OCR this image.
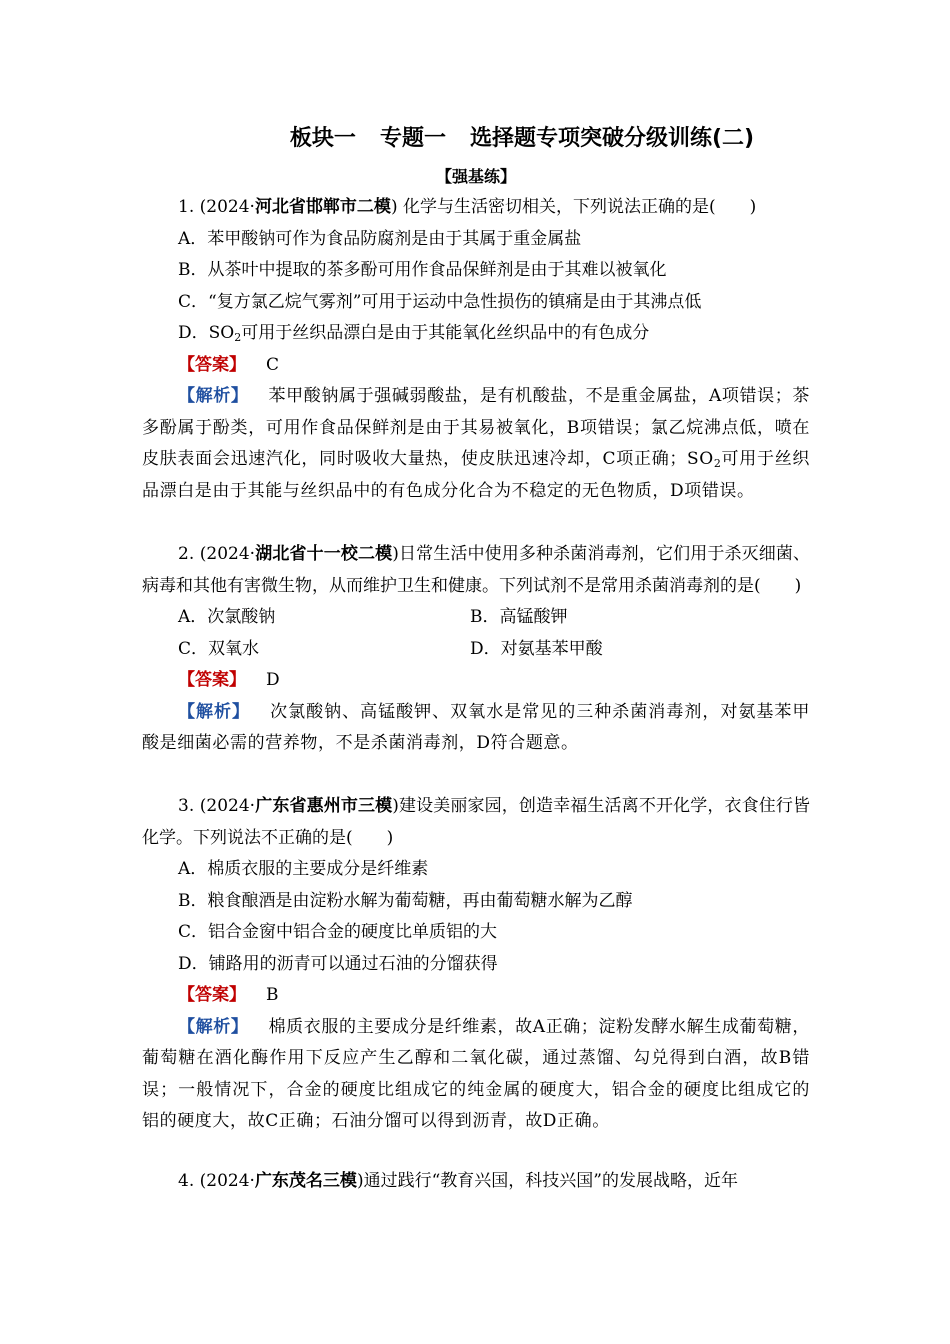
板块一 专题一 选择题专项突破分级训练(二)
【强基练】

1. (2024·河北省邯郸市二模) 化学与生活密切相关，下列说法正确的是(　　)

A．苯甲酸钠可作为食品防腐剂是由于其属于重金属盐

B．从茶叶中提取的茶多酚可用作食品保鲜剂是由于其难以被氧化

C．“复方氯乙烷气雾剂”可用于运动中急性损伤的镇痛是由于其沸点低

D．$SO_2$可用于丝织品漂白是由于其能氧化丝织品中的有色成分

【答案】 C

【解析】 苯甲酸钠属于强碱弱酸盐，是有机酸盐，不是重金属盐，A项错误；茶多酚属于酚类，可用作食品保鲜剂是由于其易被氧化，B项错误；氯乙烷沸点低，喷在皮肤表面会迅速汽化，同时吸收大量热，使皮肤迅速冷却，C项正确；$SO_2$可用于丝织品漂白是由于其能与丝织品中的有色成分化合为不稳定的无色物质，D项错误。

2. (2024·湖北省十一校二模)日常生活中使用多种杀菌消毒剂，它们用于杀灭细菌、病毒和其他有害微生物，从而维护卫生和健康。下列试剂不是常用杀菌消毒剂的是(　　)

A．次氯酸钠	B．高锰酸钾

C．双氧水	D．对氨基苯甲酸

【答案】 D

【解析】 次氯酸钠、高锰酸钾、双氧水是常见的三种杀菌消毒剂，对氨基苯甲酸是细菌必需的营养物，不是杀菌消毒剂，D符合题意。

3. (2024·广东省惠州市三模)建设美丽家园，创造幸福生活离不开化学，衣食住行皆化学。下列说法不正确的是(　　)

A．棉质衣服的主要成分是纤维素

B．粮食酿酒是由淀粉水解为葡萄糖，再由葡萄糖水解为乙醇

C．铝合金窗中铝合金的硬度比单质铝的大

D．铺路用的沥青可以通过石油的分馏获得

【答案】 B

【解析】 棉质衣服的主要成分是纤维素，故A正确；淀粉发酵水解生成葡萄糖，葡萄糖在酒化酶作用下反应产生乙醇和二氧化碳，通过蒸馏、勾兑得到白酒，故B错误；一般情况下，合金的硬度比组成它的纯金属的硬度大，铝合金的硬度比组成它的铝的硬度大，故C正确；石油分馏可以得到沥青，故D正确。

4. (2024·广东茂名三模)通过践行“教育兴国，科技兴国”的发展战略，近年
